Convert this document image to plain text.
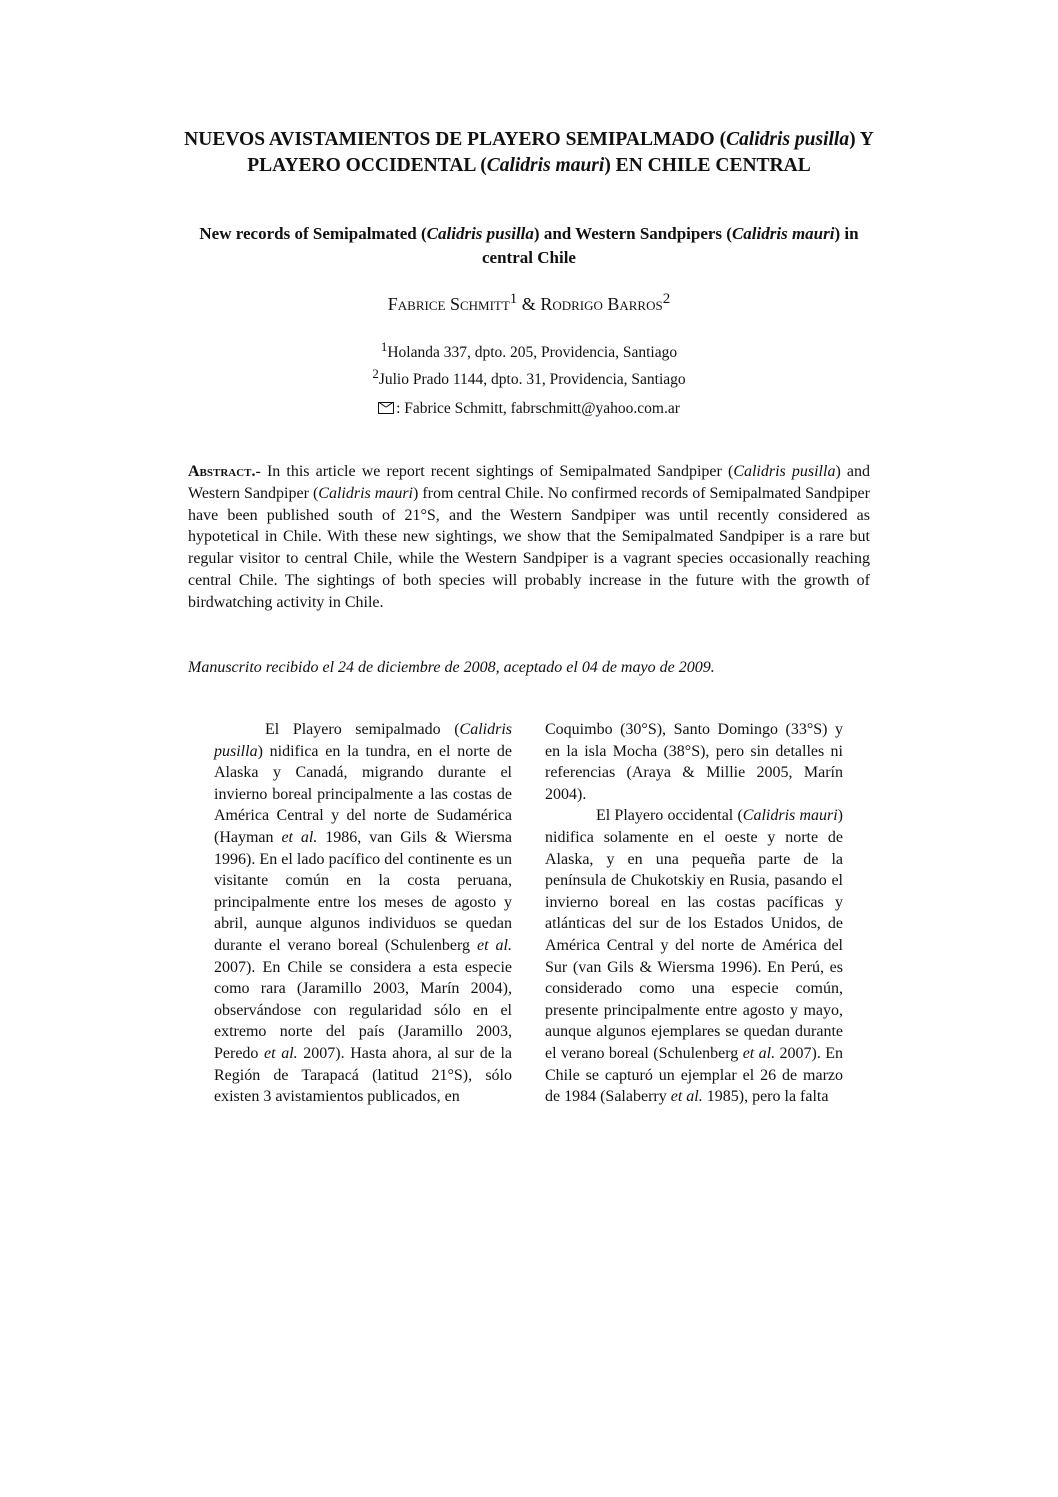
NUEVOS AVISTAMIENTOS DE PLAYERO SEMIPALMADO (Calidris pusilla) Y PLAYERO OCCIDENTAL (Calidris mauri) EN CHILE CENTRAL
New records of Semipalmated (Calidris pusilla) and Western Sandpipers (Calidris mauri) in central Chile
Fabrice Schmitt$^1$ & Rodrigo Barros$^2$
$^1$Holanda 337, dpto. 205, Providencia, Santiago
$^2$Julio Prado 1144, dpto. 31, Providencia, Santiago
: Fabrice Schmitt, fabrschmitt@yahoo.com.ar

Abstract.- In this article we report recent sightings of Semipalmated Sandpiper (Calidris pusilla) and Western Sandpiper (Calidris mauri) from central Chile. No confirmed records of Semipalmated Sandpiper have been published south of 21°S, and the Western Sandpiper was until recently considered as hypotetical in Chile. With these new sightings, we show that the Semipalmated Sandpiper is a rare but regular visitor to central Chile, while the Western Sandpiper is a vagrant species occasionally reaching central Chile. The sightings of both species will probably increase in the future with the growth of birdwatching activity in Chile.

Manuscrito recibido el 24 de diciembre de 2008, aceptado el 04 de mayo de 2009.

El Playero semipalmado (Calidris pusilla) nidifica en la tundra, en el norte de Alaska y Canadá, migrando durante el invierno boreal principalmente a las costas de América Central y del norte de Sudamérica (Hayman et al. 1986, van Gils & Wiersma 1996). En el lado pacífico del continente es un visitante común en la costa peruana, principalmente entre los meses de agosto y abril, aunque algunos individuos se quedan durante el verano boreal (Schulenberg et al. 2007). En Chile se considera a esta especie como rara (Jaramillo 2003, Marín 2004), observándose con regularidad sólo en el extremo norte del país (Jaramillo 2003, Peredo et al. 2007). Hasta ahora, al sur de la Región de Tarapacá (latitud 21°S), sólo existen 3 avistamientos publicados, en

Coquimbo (30°S), Santo Domingo (33°S) y en la isla Mocha (38°S), pero sin detalles ni referencias (Araya & Millie 2005, Marín 2004).

El Playero occidental (Calidris mauri) nidifica solamente en el oeste y norte de Alaska, y en una pequeña parte de la península de Chukotskiy en Rusia, pasando el invierno boreal en las costas pacíficas y atlánticas del sur de los Estados Unidos, de América Central y del norte de América del Sur (van Gils & Wiersma 1996). En Perú, es considerado como una especie común, presente principalmente entre agosto y mayo, aunque algunos ejemplares se quedan durante el verano boreal (Schulenberg et al. 2007). En Chile se capturó un ejemplar el 26 de marzo de 1984 (Salaberry et al. 1985), pero la falta
